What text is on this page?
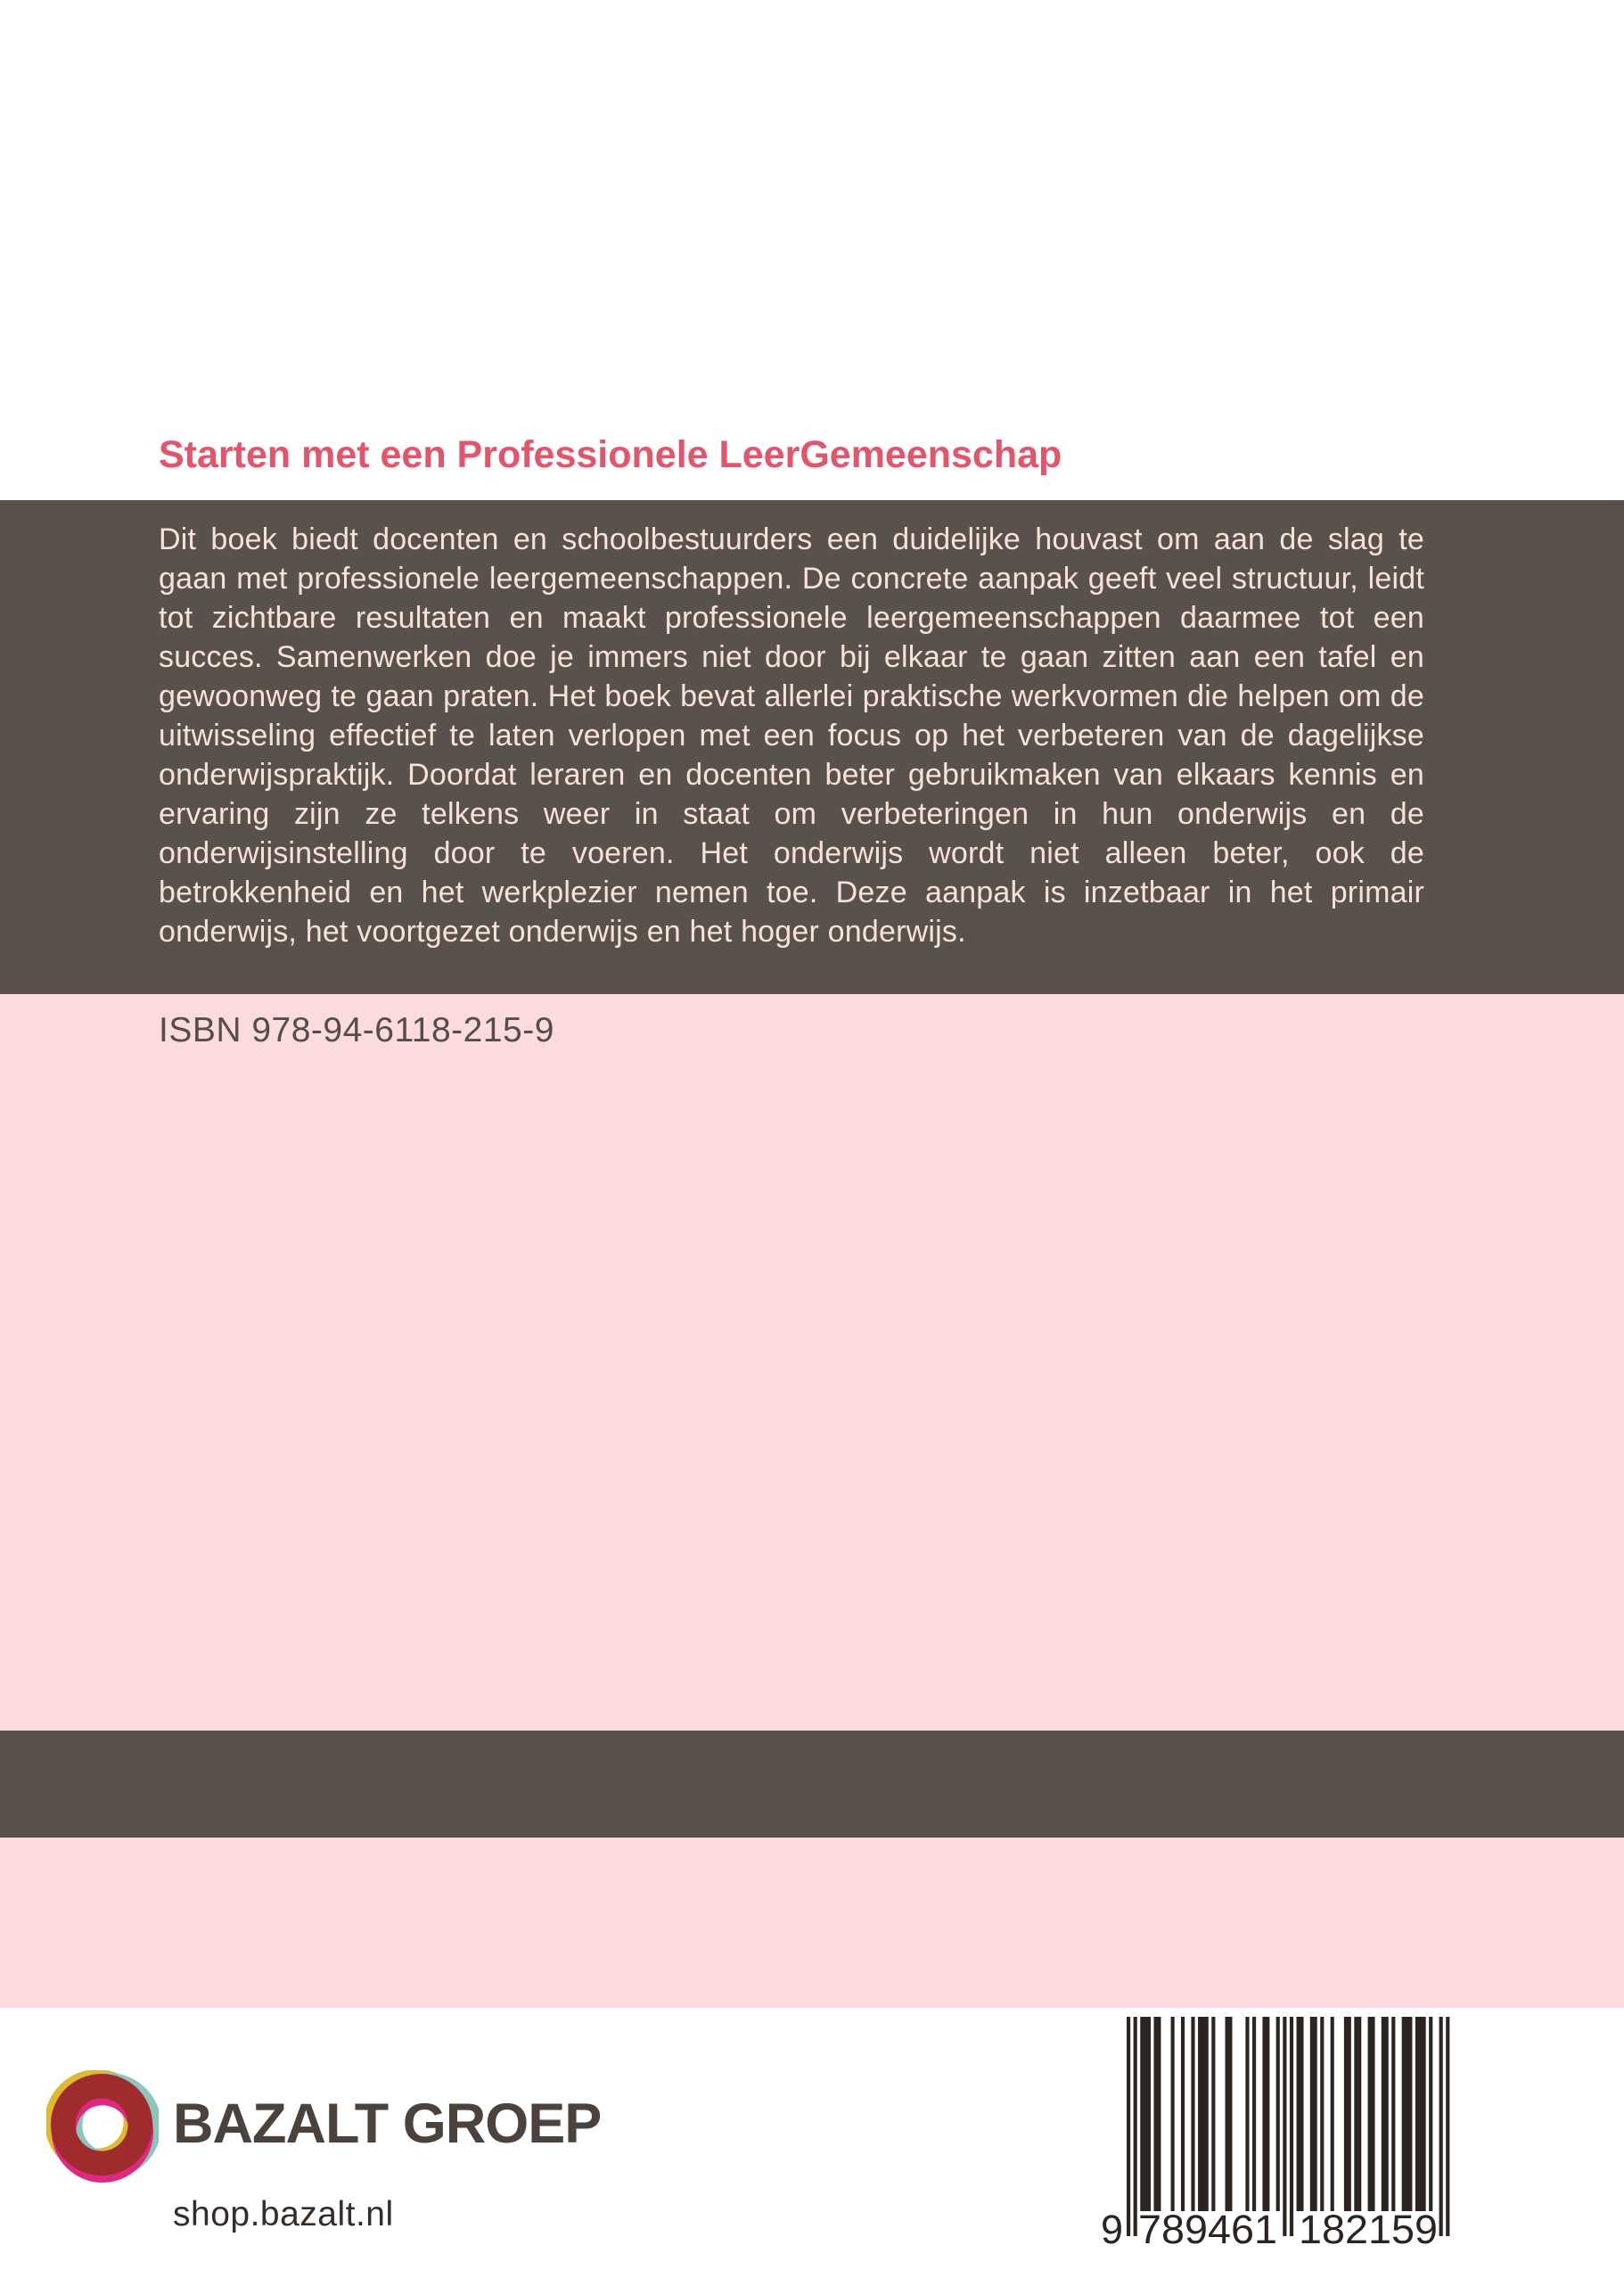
Starten met een Professionele LeerGemeenschap

Dit boek biedt docenten en schoolbestuurders een duidelijke houvast om aan de slag te gaan met professionele leergemeenschappen. De concrete aanpak geeft veel structuur, leidt tot zichtbare resultaten en maakt professionele leergemeenschappen daarmee tot een succes. Samenwerken doe je immers niet door bij elkaar te gaan zitten aan een tafel en gewoonweg te gaan praten. Het boek bevat allerlei praktische werkvormen die helpen om de uitwisseling effectief te laten verlopen met een focus op het verbeteren van de dagelijkse onderwijspraktijk. Doordat leraren en docenten beter gebruikmaken van elkaars kennis en ervaring zijn ze telkens weer in staat om verbeteringen in hun onderwijs en de onderwijsinstelling door te voeren. Het onderwijs wordt niet alleen beter, ook de betrokkenheid en het werkplezier nemen toe. Deze aanpak is inzetbaar in het primair onderwijs, het voortgezet onderwijs en het hoger onderwijs.

ISBN 978-94-6118-215-9

BAZALT GROEP

shop.bazalt.nl	9 789461 182159
